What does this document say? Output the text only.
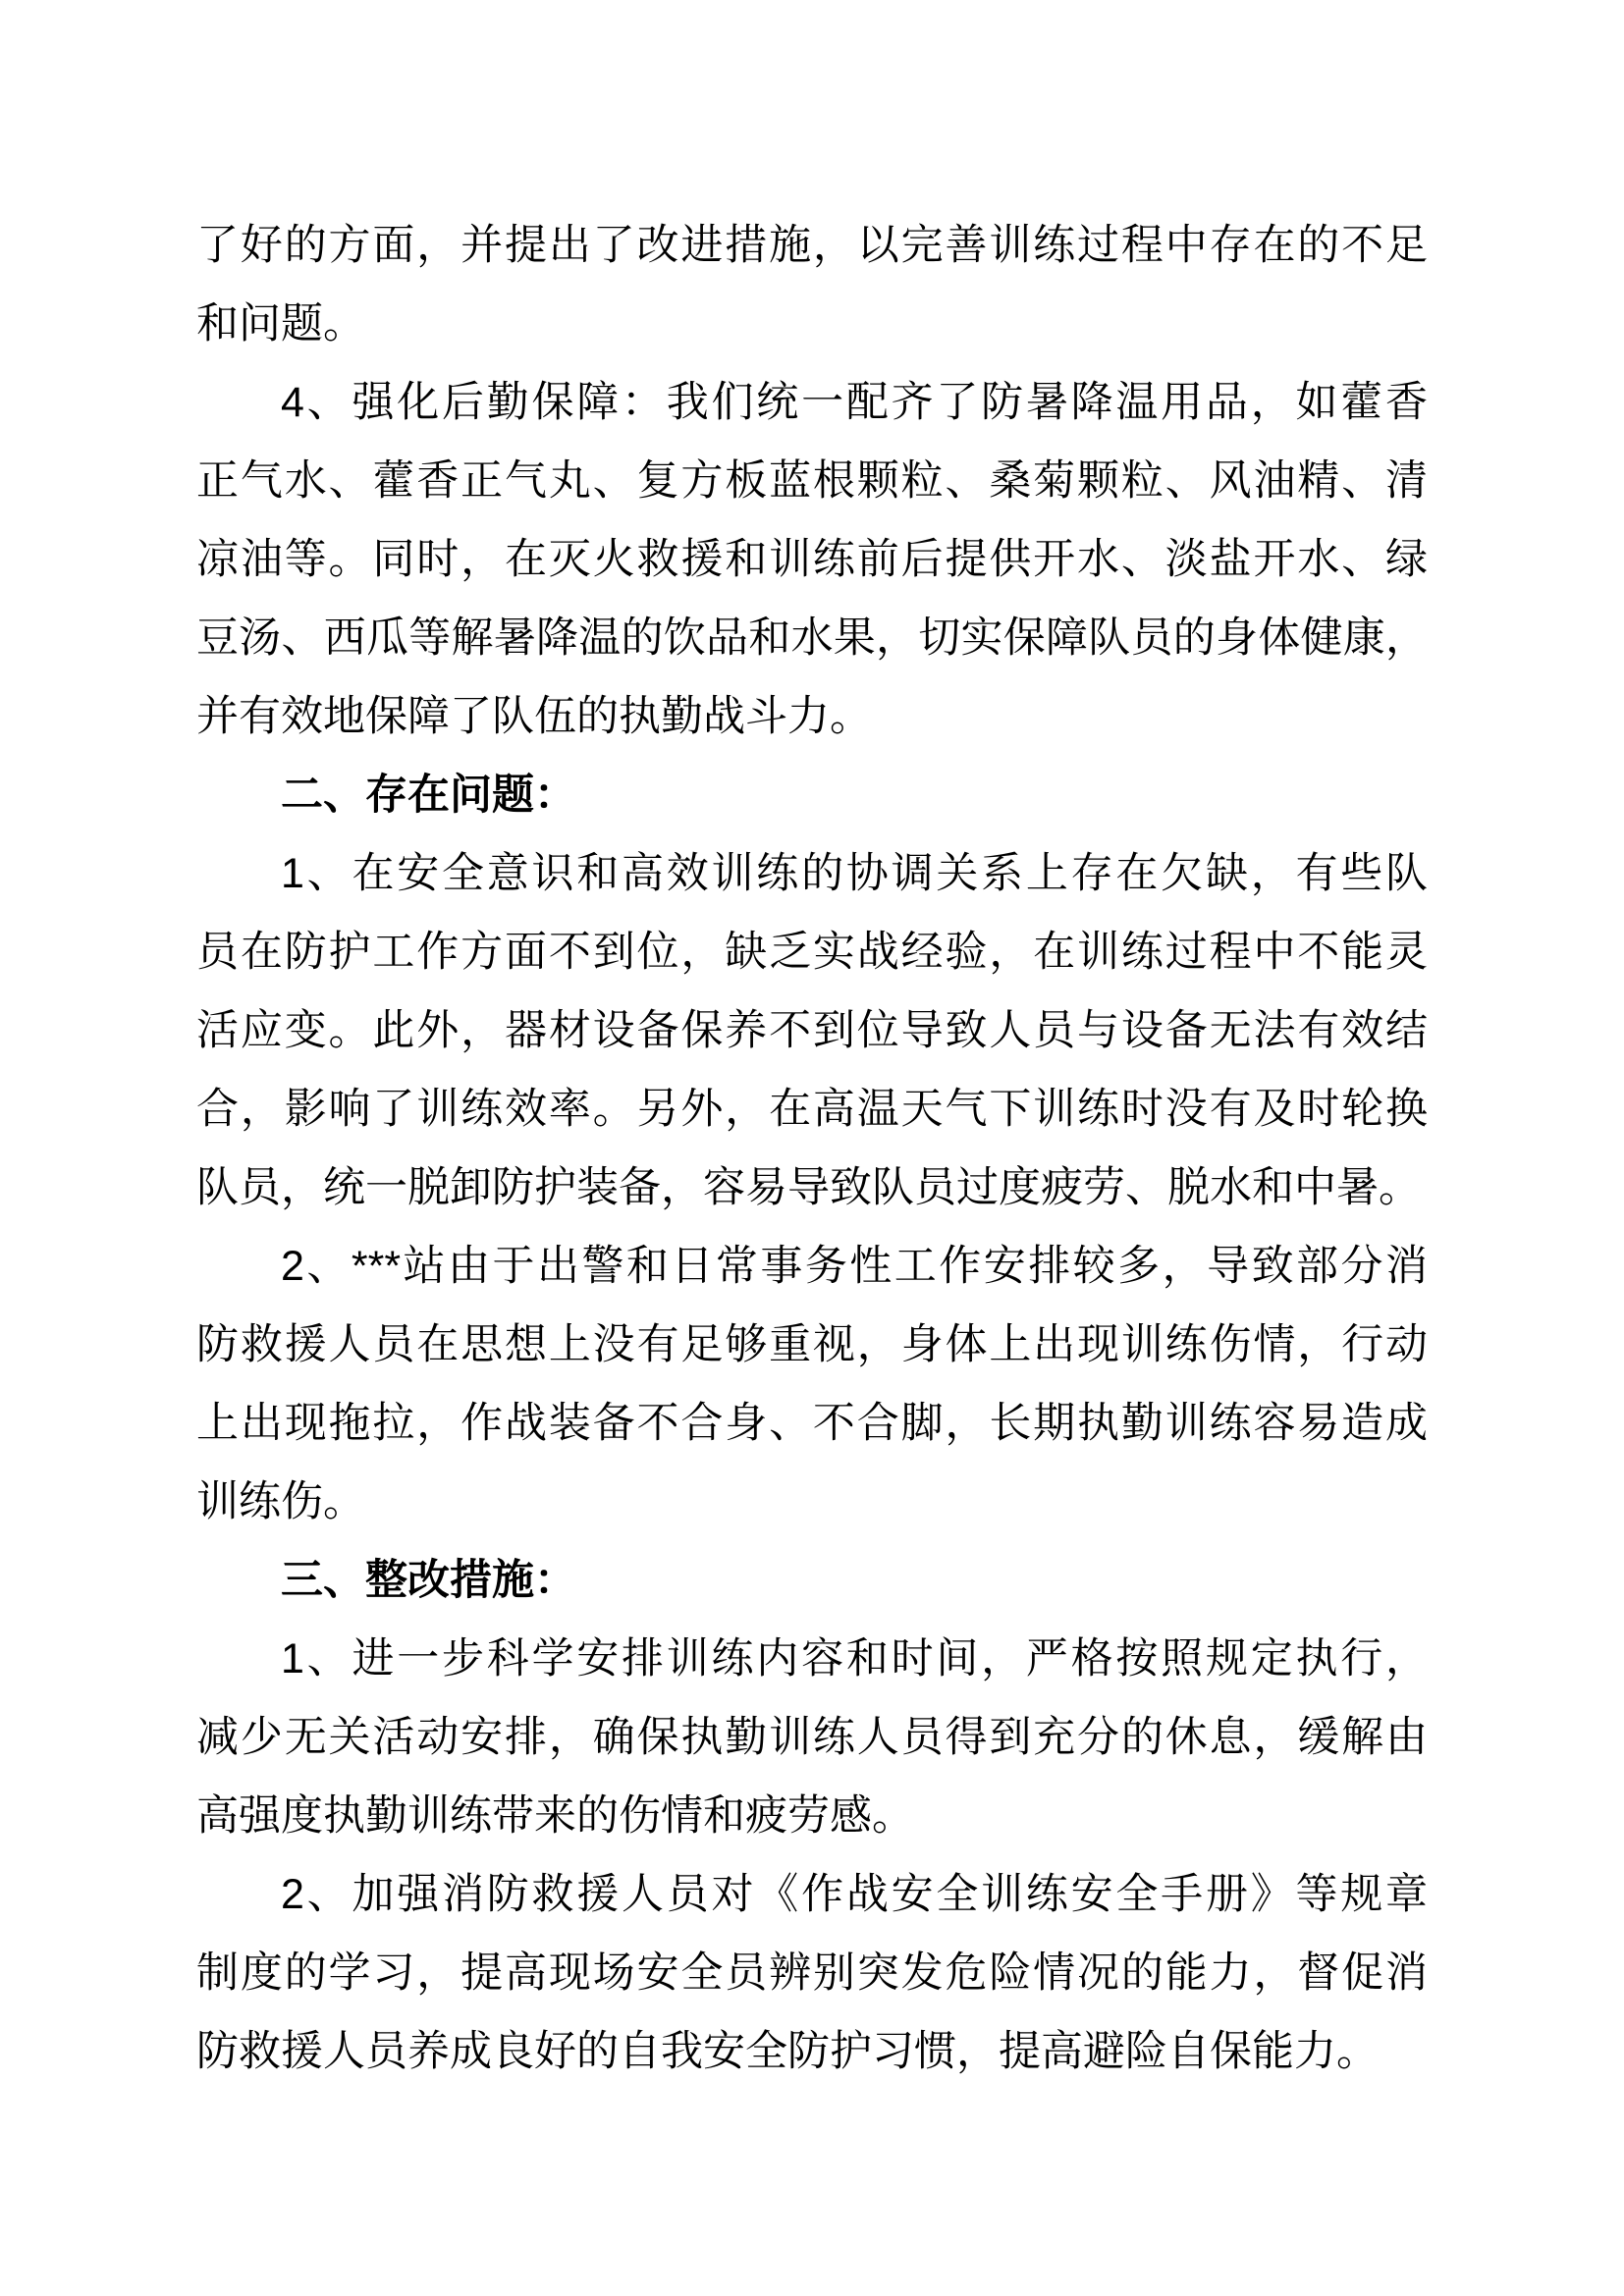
了好的方面，并提出了改进措施，以完善训练过程中存在的不足
和问题。
4、强化后勤保障：我们统一配齐了防暑降温用品，如藿香
正气水、藿香正气丸、复方板蓝根颗粒、桑菊颗粒、风油精、清
凉油等。同时，在灭火救援和训练前后提供开水、淡盐开水、绿
豆汤、西瓜等解暑降温的饮品和水果，切实保障队员的身体健康，
并有效地保障了队伍的执勤战斗力。
二、存在问题：
1、在安全意识和高效训练的协调关系上存在欠缺，有些队
员在防护工作方面不到位，缺乏实战经验，在训练过程中不能灵
活应变。此外，器材设备保养不到位导致人员与设备无法有效结
合，影响了训练效率。另外，在高温天气下训练时没有及时轮换
队员，统一脱卸防护装备，容易导致队员过度疲劳、脱水和中暑。
2、***站由于出警和日常事务性工作安排较多，导致部分消
防救援人员在思想上没有足够重视，身体上出现训练伤情，行动
上出现拖拉，作战装备不合身、不合脚，长期执勤训练容易造成
训练伤。
三、整改措施：
1、进一步科学安排训练内容和时间，严格按照规定执行，
减少无关活动安排，确保执勤训练人员得到充分的休息，缓解由
高强度执勤训练带来的伤情和疲劳感。
2、加强消防救援人员对《作战安全训练安全手册》等规章
制度的学习，提高现场安全员辨别突发危险情况的能力，督促消
防救援人员养成良好的自我安全防护习惯，提高避险自保能力。
